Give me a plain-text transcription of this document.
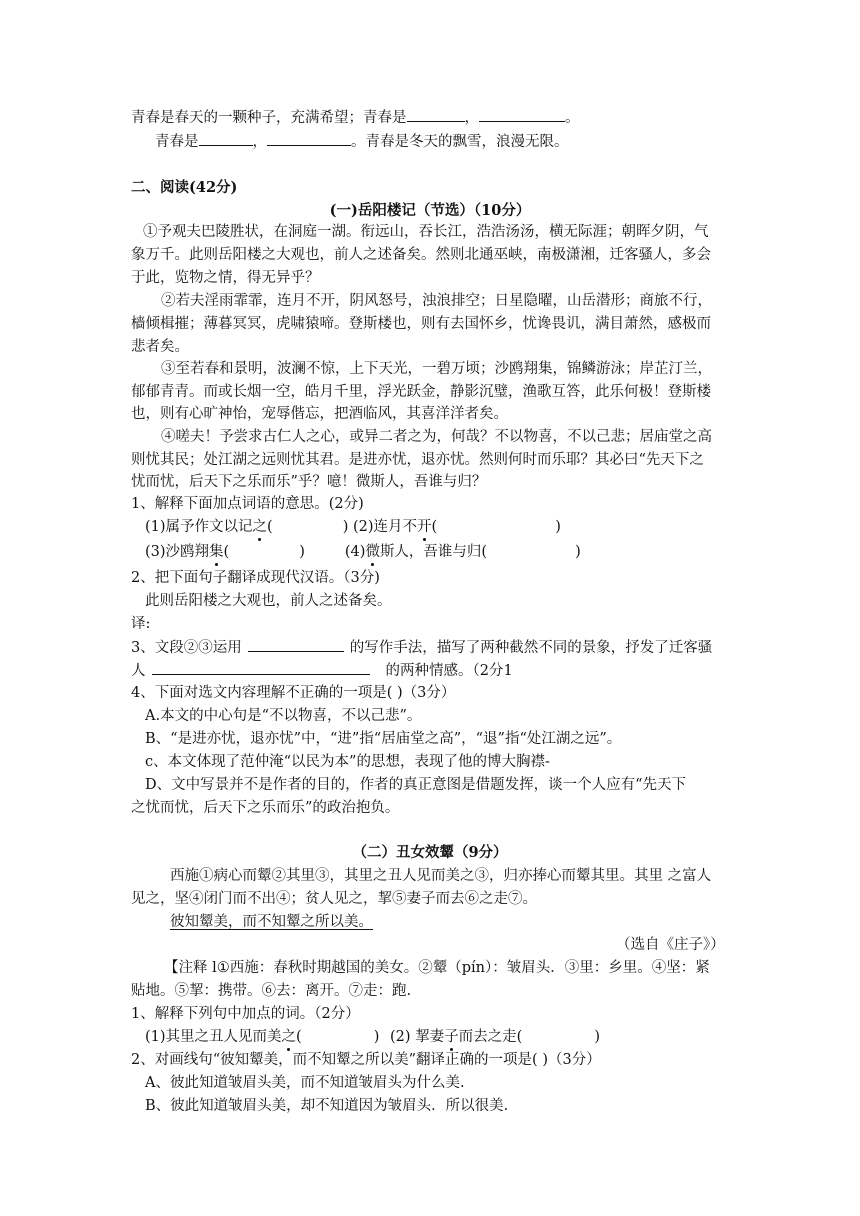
青春是春天的一颗种子，充满希望；青春是	，	。
青春是	，	。青春是冬天的飘雪，浪漫无限。
二、阅读(42分)
(一)岳阳楼记（节选）（10分）
①予观夫巴陵胜状，在洞庭一湖。衔远山，吞长江，浩浩汤汤，横无际涯；朝晖夕阴，气
象万千。此则岳阳楼之大观也，前人之述备矣。然则北通巫峡，南极潇湘，迁客骚人，多会
于此，览物之情，得无异乎？
②若夫淫雨霏霏，连月不开，阴风怒号，浊浪排空；日星隐曜，山岳潜形；商旅不行，
樯倾楫摧；薄暮冥冥，虎啸猿啼。登斯楼也，则有去国怀乡，忧谗畏讥，满目萧然，感极而
悲者矣。
③至若春和景明，波澜不惊，上下天光，一碧万顷；沙鸥翔集，锦鳞游泳；岸芷汀兰，
郁郁青青。而或长烟一空，皓月千里，浮光跃金，静影沉璧，渔歌互答，此乐何极！登斯楼
也，则有心旷神怡，宠辱偕忘，把酒临风，其喜洋洋者矣。
④嗟夫！予尝求古仁人之心，或异二者之为，何哉？不以物喜，不以己悲；居庙堂之高
则忧其民；处江湖之远则忧其君。是进亦忧，退亦忧。然则何时而乐耶？其必曰“先天下之
忧而忧，后天下之乐而乐”乎？噫！微斯人，吾谁与归？
1、解释下面加点词语的意思。(2分)
(1)属予作文以记之(	) (2)连月不开(	)
(3)沙鸥翔集(	)	(4)微斯人，吾谁与归(	)
2、把下面句子翻译成现代汉语。（3分)
此则岳阳楼之大观也，前人之述备矣。
译:
3、文段②③运用	的写作手法，描写了两种截然不同的景象，抒发了迁客骚
人	的两种情感。（2分1
4、下面对选文内容理解不正确的一项是( )（3分）
A.本文的中心句是“不以物喜，不以己悲”。
B、“是进亦忧，退亦忧”中，“进”指“居庙堂之高”，“退”指“处江湖之远”。
c、本文体现了范仲淹“以民为本”的思想，表现了他的博大胸襟-
D、文中写景并不是作者的目的，作者的真正意图是借题发挥，谈一个人应有“先天下
之忧而忧，后天下之乐而乐”的政治抱负。
（二）丑女效颦（9分）
西施①病心而颦②其里③，其里之丑人见而美之③，归亦捧心而颦其里。其里 之富人
见之，坚④闭门而不出④；贫人见之，挈⑤妻子而去⑥之走⑦。
彼知颦美，而不知颦之所以美。
（选自《庄子》）
【注释 l①西施：春秋时期越国的美女。②颦（pín）：皱眉头．③里：乡里。④坚：紧
贴地。⑤挈：携带。⑥去：离开。⑦走：跑.
1、解释下列句中加点的词。（2分）
(1)其里之丑人见而美之(	) (2) 挈妻子而去之走(	)
2、对画线句“彼知颦美，而不知颦之所以美”翻译正确的一项是( )（3分）
A、彼此知道皱眉头美，而不知道皱眉头为什么美.
B、彼此知道皱眉头美，却不知道因为皱眉头．所以很美.
